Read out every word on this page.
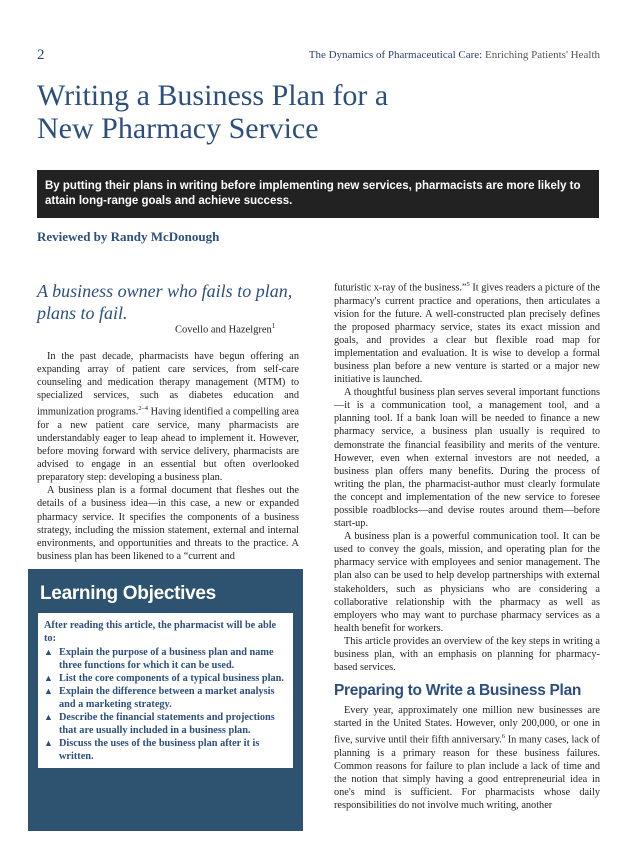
2	The Dynamics of Pharmaceutical Care: Enriching Patients' Health
Writing a Business Plan for a
New Pharmacy Service
By putting their plans in writing before implementing new services, pharmacists are more likely to attain long-range goals and achieve success.
Reviewed by Randy McDonough
A business owner who fails to plan, plans to fail.
Covello and Hazelgren$^1$

In the past decade, pharmacists have begun offering an expanding array of patient care services, from self-care counseling and medication therapy management (MTM) to specialized services, such as diabetes education and immunization programs.$^{2-4}$ Having identified a compelling area for a new patient care service, many pharmacists are understandably eager to leap ahead to implement it. However, before moving forward with service delivery, pharmacists are advised to engage in an essential but often overlooked preparatory step: developing a business plan.

A business plan is a formal document that fleshes out the details of a business idea—in this case, a new or expanded pharmacy service. It specifies the components of a business strategy, including the mission statement, external and internal environments, and opportunities and threats to the practice. A business plan has been likened to a “current and

Learning Objectives
After reading this article, the pharmacist will be able to:
▲ Explain the purpose of a business plan and name three functions for which it can be used.
▲ List the core components of a typical business plan.
▲ Explain the difference between a market analysis and a marketing strategy.
▲ Describe the financial statements and projections that are usually included in a business plan.
▲ Discuss the uses of the business plan after it is written.

futuristic x-ray of the business.”$^5$ It gives readers a picture of the pharmacy's current practice and operations, then articulates a vision for the future. A well-constructed plan precisely defines the proposed pharmacy service, states its exact mission and goals, and provides a clear but flexible road map for implementation and evaluation. It is wise to develop a formal business plan before a new venture is started or a major new initiative is launched.

A thoughtful business plan serves several important functions—it is a communication tool, a management tool, and a planning tool. If a bank loan will be needed to finance a new pharmacy service, a business plan usually is required to demonstrate the financial feasibility and merits of the venture. However, even when external investors are not needed, a business plan offers many benefits. During the process of writing the plan, the pharmacist-author must clearly formulate the concept and implementation of the new service to foresee possible roadblocks—and devise routes around them—before start-up.

A business plan is a powerful communication tool. It can be used to convey the goals, mission, and operating plan for the pharmacy service with employees and senior management. The plan also can be used to help develop partnerships with external stakeholders, such as physicians who are considering a collaborative relationship with the pharmacy as well as employers who may want to purchase pharmacy services as a health benefit for workers.

This article provides an overview of the key steps in writing a business plan, with an emphasis on planning for pharmacy-based services.

Preparing to Write a Business Plan

Every year, approximately one million new businesses are started in the United States. However, only 200,000, or one in five, survive until their fifth anniversary.$^6$ In many cases, lack of planning is a primary reason for these business failures. Common reasons for failure to plan include a lack of time and the notion that simply having a good entrepreneurial idea in one's mind is sufficient. For pharmacists whose daily responsibilities do not involve much writing, another
